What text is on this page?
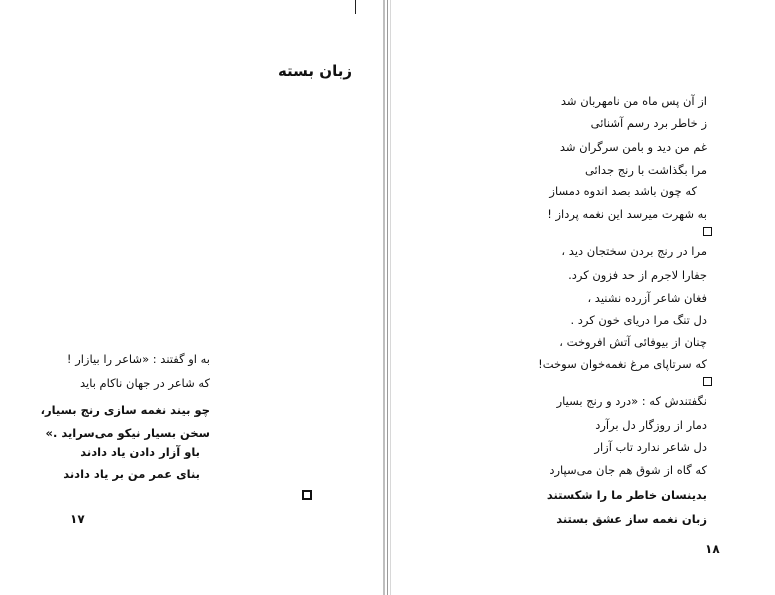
زبان بسته
به او گفتند : «شاعر را بیازار !
که شاعر در جهان ناکام باید
چو بیند نغمه سازی رنج بسیار،
سخن بسیار نیکو می‌سراید .»
باو آزار دادن یاد دادند
بنای عمر من بر یاد دادند
۱۷
از آن پس ماه من نامهربان شد
ز خاطر برد رسم آشنائی
غم من دید و بامن سرگران شد
مرا بگذاشت با رنج جدائی
که چون باشد بصد اندوه دمساز
به شهرت میرسد این نغمه پرداز !
مرا در رنج بردن سختجان دید ،
جفارا لاجرم از حد فزون کرد.
فغان شاعر آزرده نشنید ،
دل تنگ مرا دریای خون کرد .
چنان از بیوفائی آتش افروخت ،
که سرتاپای مرغ نغمه‌خوان سوخت!
نگفتندش که : «درد و رنج بسیار
دمار از روزگار دل برآرد
دل شاعر ندارد تاب آزار
که گاه از شوق هم جان می‌سپارد
بدینسان خاطر ما را شکستند
زبان نغمه ساز عشق بستند
۱۸
